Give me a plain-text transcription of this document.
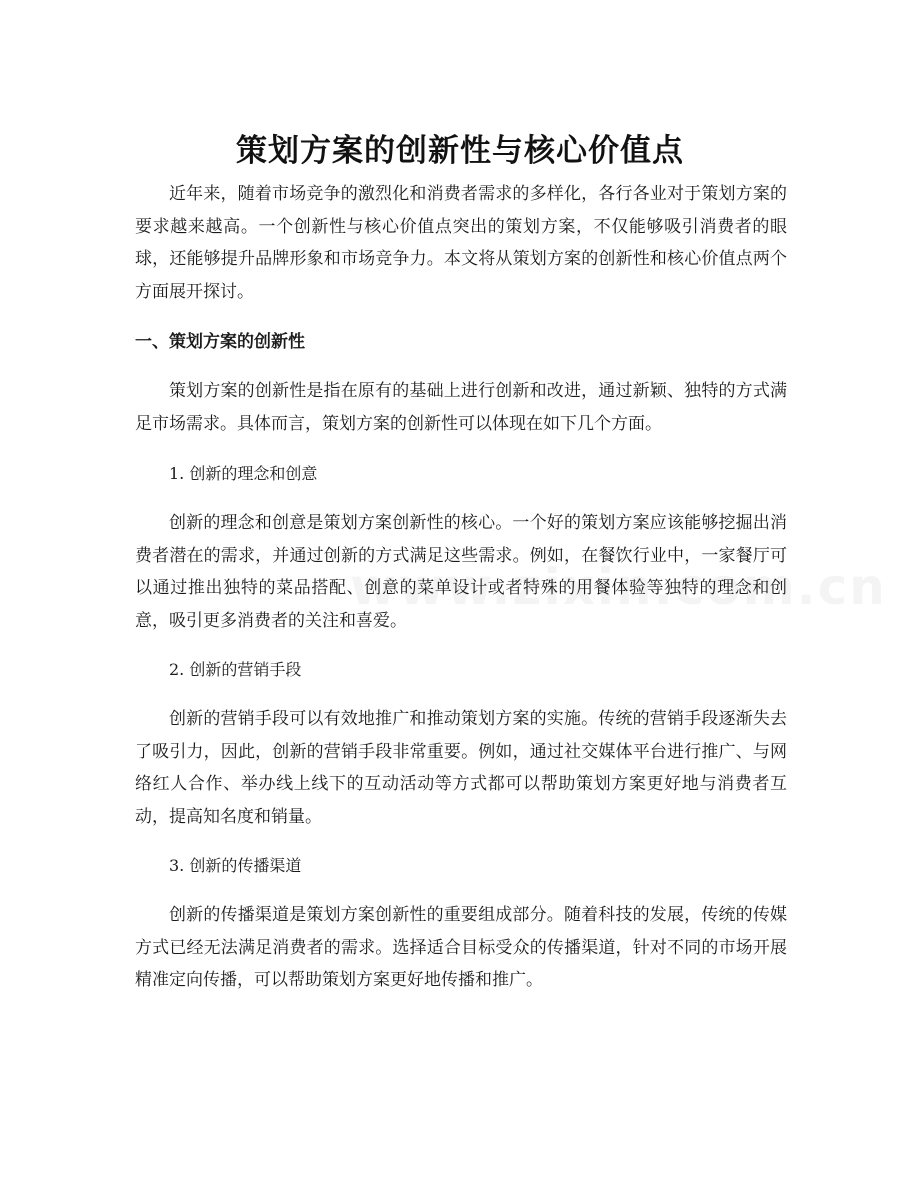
策划方案的创新性与核心价值点

近年来，随着市场竞争的激烈化和消费者需求的多样化，各行各业对于策划方案的要求越来越高。一个创新性与核心价值点突出的策划方案，不仅能够吸引消费者的眼球，还能够提升品牌形象和市场竞争力。本文将从策划方案的创新性和核心价值点两个方面展开探讨。

一、策划方案的创新性

策划方案的创新性是指在原有的基础上进行创新和改进，通过新颖、独特的方式满足市场需求。具体而言，策划方案的创新性可以体现在如下几个方面。

1. 创新的理念和创意

创新的理念和创意是策划方案创新性的核心。一个好的策划方案应该能够挖掘出消费者潜在的需求，并通过创新的方式满足这些需求。例如，在餐饮行业中，一家餐厅可以通过推出独特的菜品搭配、创意的菜单设计或者特殊的用餐体验等独特的理念和创意，吸引更多消费者的关注和喜爱。

2. 创新的营销手段

创新的营销手段可以有效地推广和推动策划方案的实施。传统的营销手段逐渐失去了吸引力，因此，创新的营销手段非常重要。例如，通过社交媒体平台进行推广、与网络红人合作、举办线上线下的互动活动等方式都可以帮助策划方案更好地与消费者互动，提高知名度和销量。

3. 创新的传播渠道

创新的传播渠道是策划方案创新性的重要组成部分。随着科技的发展，传统的传媒方式已经无法满足消费者的需求。选择适合目标受众的传播渠道，针对不同的市场开展精准定向传播，可以帮助策划方案更好地传播和推广。
